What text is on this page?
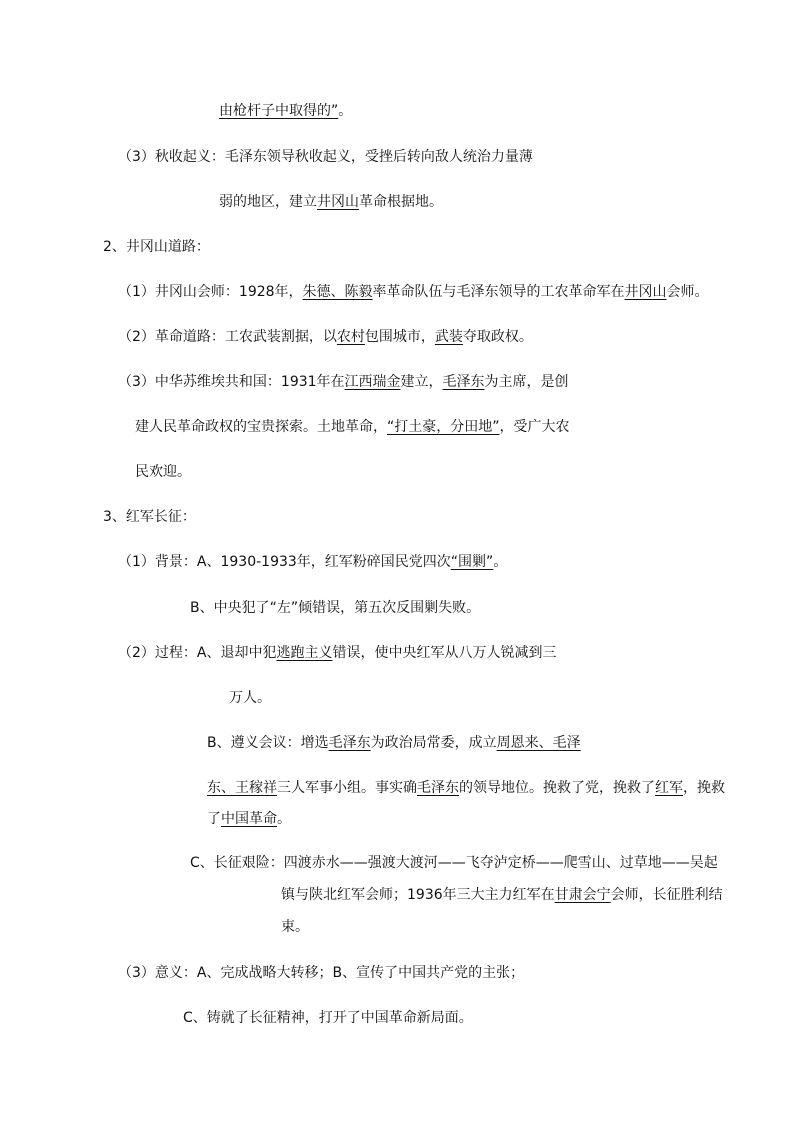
由枪杆子中取得的”。
（3）秋收起义：毛泽东领导秋收起义，受挫后转向敌人统治力量薄
弱的地区，建立井冈山革命根据地。
2、井冈山道路：
（1）井冈山会师：1928年，朱德、陈毅率革命队伍与毛泽东领导的工农革命军在井冈山会师。
（2）革命道路：工农武装割据，以农村包围城市，武装夺取政权。
（3）中华苏维埃共和国：1931年在江西瑞金建立，毛泽东为主席，是创
建人民革命政权的宝贵探索。土地革命，“打土豪，分田地”，受广大农
民欢迎。
3、红军长征：
（1）背景：A、1930-1933年，红军粉碎国民党四次“围剿”。
B、中央犯了“左”倾错误，第五次反围剿失败。
（2）过程：A、退却中犯逃跑主义错误，使中央红军从八万人锐减到三
万人。
B、遵义会议：增选毛泽东为政治局常委，成立周恩来、毛泽
东、王稼祥三人军事小组。事实确毛泽东的领导地位。挽救了党，挽救了红军，挽救
了中国革命。
C、长征艰险：四渡赤水——强渡大渡河——飞夺泸定桥——爬雪山、过草地——吴起
镇与陕北红军会师；1936年三大主力红军在甘肃会宁会师，长征胜利结
束。
（3）意义：A、完成战略大转移；B、宣传了中国共产党的主张；
C、铸就了长征精神，打开了中国革命新局面。
